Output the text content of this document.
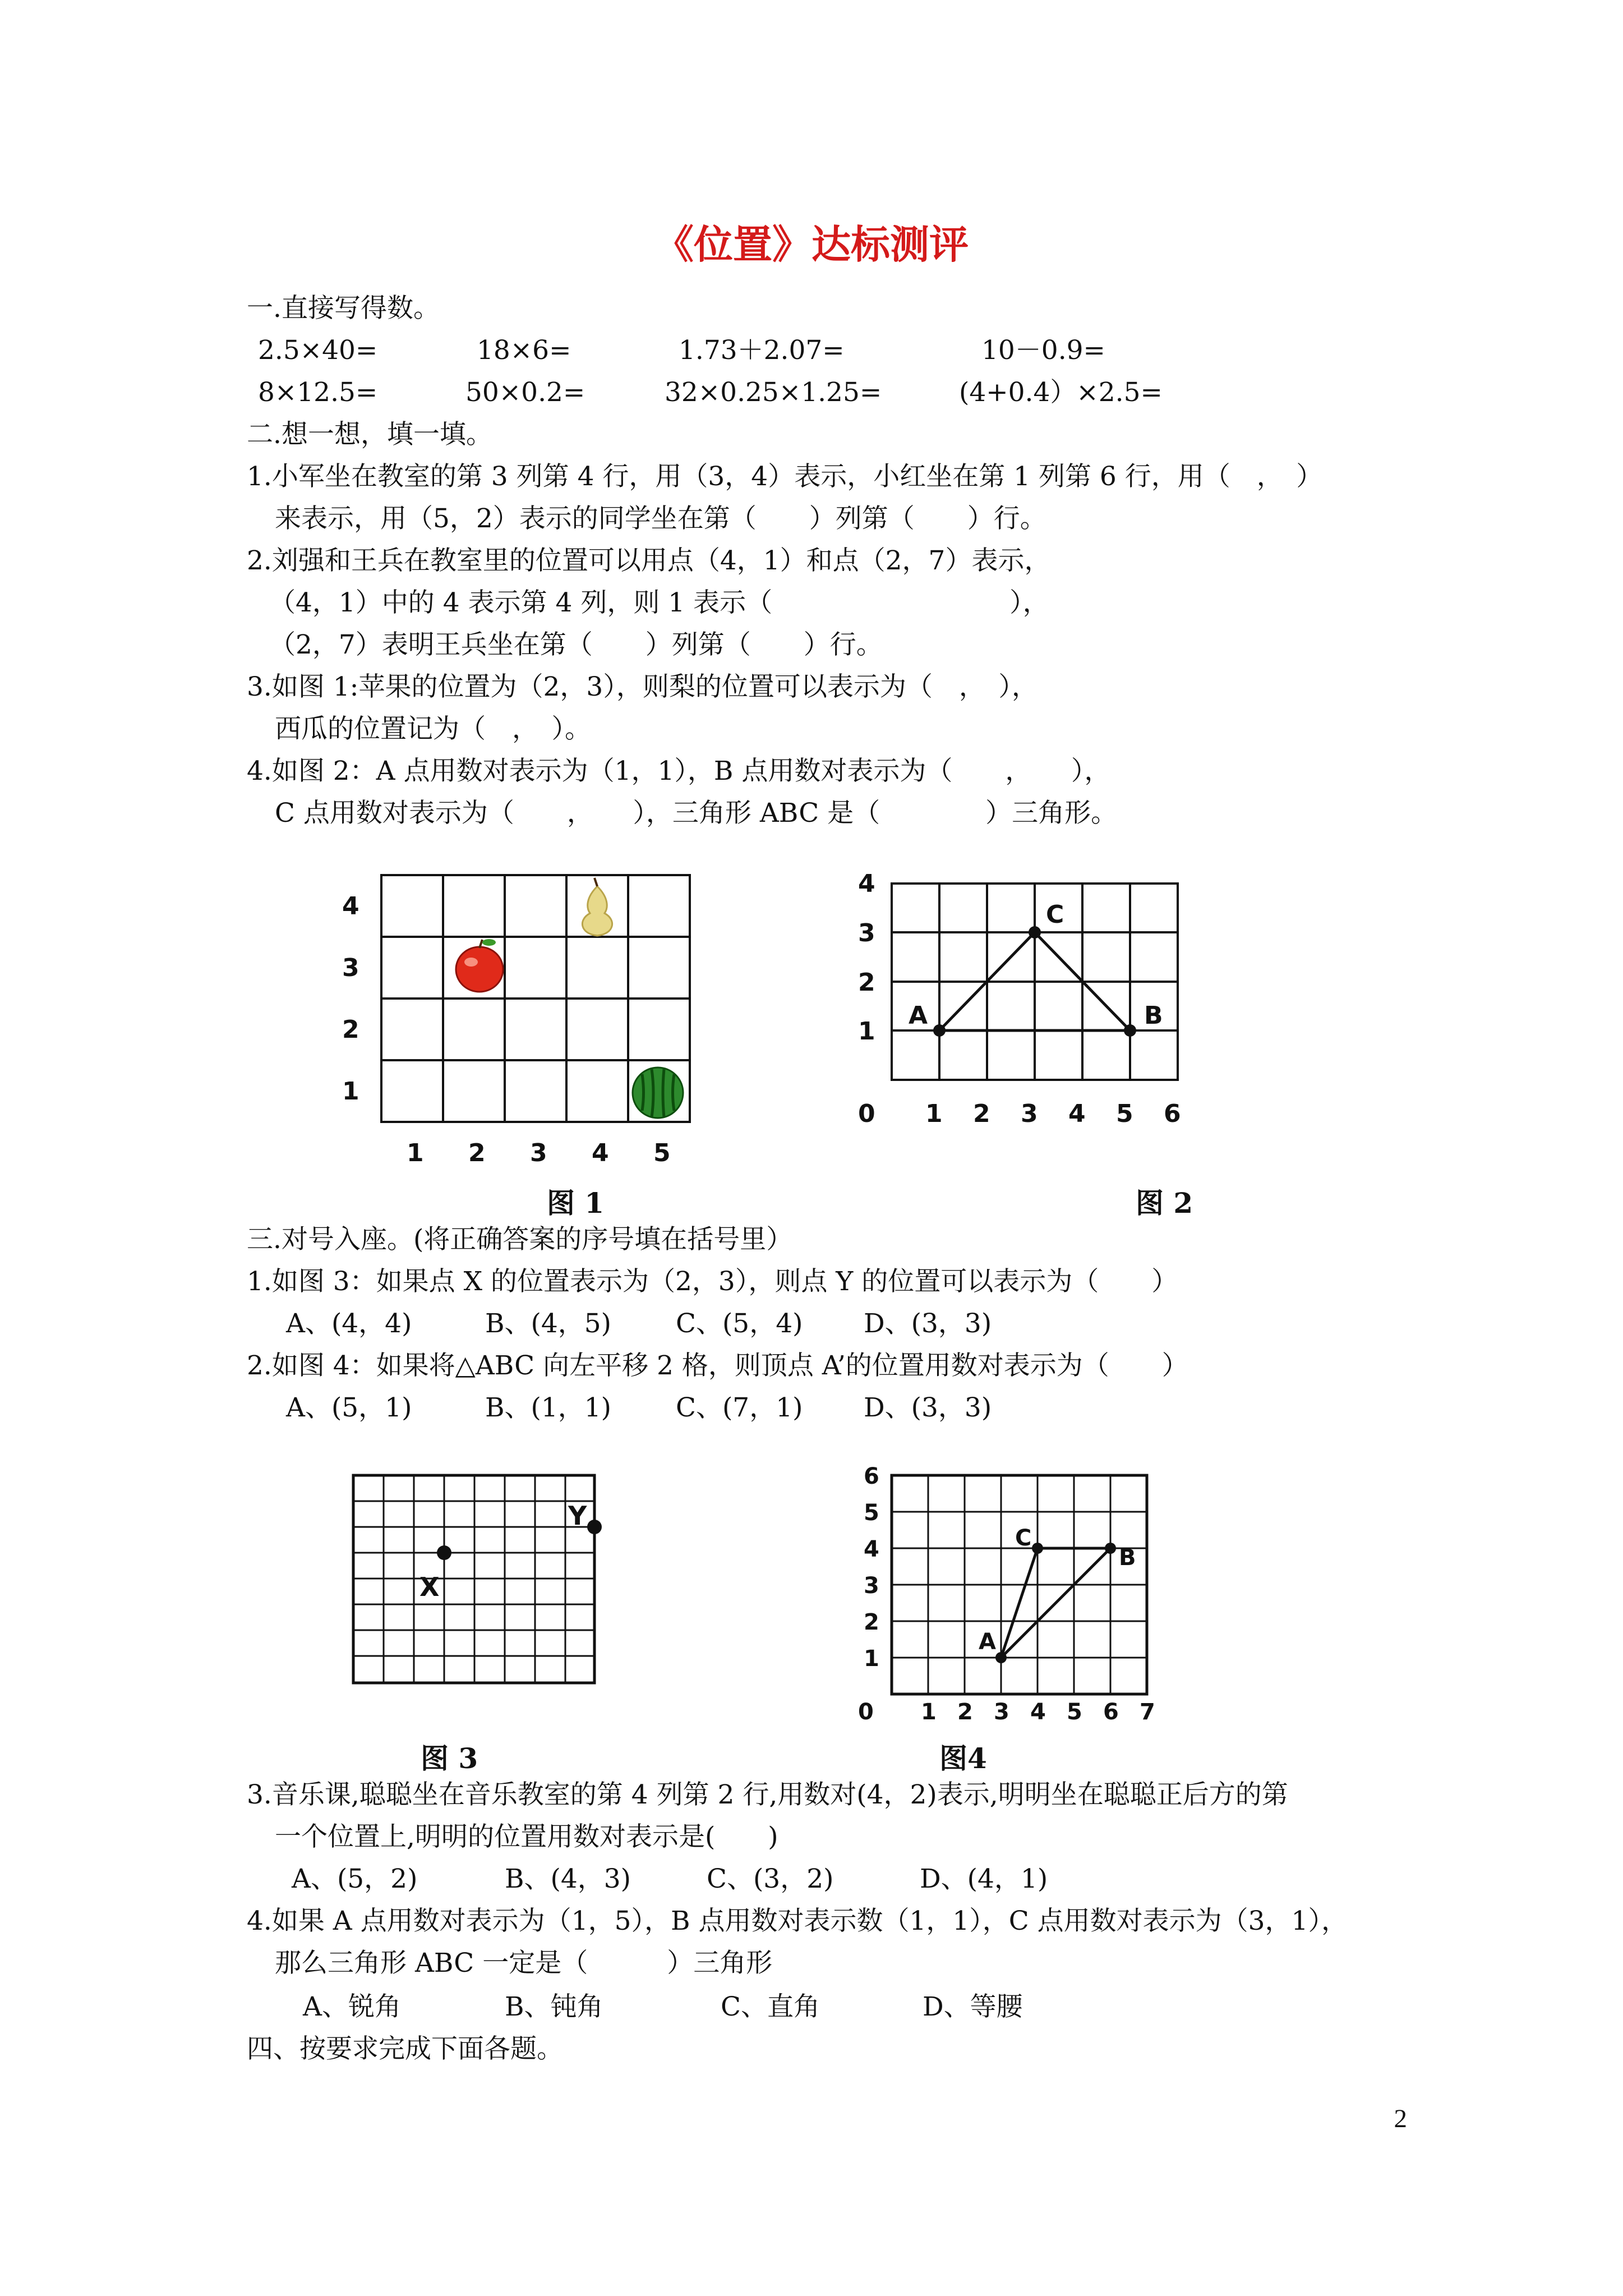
《位置》达标测评
一.直接写得数。
2.5×40=	18×6=	1.73＋2.07=	10－0.9=
8×12.5=	50×0.2=	32×0.25×1.25=	(4+0.4）×2.5=
二.想一想，填一填。
1.小军坐在教室的第 3 列第 4 行，用（3，4）表示，小红坐在第 1 列第 6 行，用（　，　）
来表示，用（5，2）表示的同学坐在第（　　）列第（　　）行。
2.刘强和王兵在教室里的位置可以用点（4，1）和点（2，7）表示，
（4，1）中的 4 表示第 4 列，则 1 表示（　　　　　　　　　），
（2，7）表明王兵坐在第（　　）列第（　　）行。
3.如图 1:苹果的位置为（2，3），则梨的位置可以表示为（　，　），
西瓜的位置记为（　，　）。
4.如图 2：A 点用数对表示为（1，1），B 点用数对表示为（　　，　　），
C 点用数对表示为（　　，　　），三角形 ABC 是（　　　　）三角形。
1 2 3 4 5
1
2
3
4
0 1 2 3 4 5 6
1
2
3
4
A	B
C
图 1	图 2
三.对号入座。(将正确答案的序号填在括号里）
1.如图 3：如果点 X 的位置表示为（2，3），则点 Y 的位置可以表示为（　　）
A、(4，4)	B、(4，5) C、(5，4) D、(3，3)
2.如图 4：如果将△ABC 向左平移 2 格，则顶点 A’的位置用数对表示为（　　）
A、(5，1)	B、(1，1) C、(7，1) D、(3，3)
X
Y
0 1 2 3 4 5 6 7
1
2
3
4
5
6
A
B
C
图 3	图4
3.音乐课,聪聪坐在音乐教室的第 4 列第 2 行,用数对(4，2)表示,明明坐在聪聪正后方的第
一个位置上,明明的位置用数对表示是(　　)
A、(5，2)	B、(4，3)	C、(3，2)	D、(4，1)
4.如果 A 点用数对表示为（1，5），B 点用数对表示数（1，1），C 点用数对表示为（3，1），
那么三角形 ABC 一定是（　　　）三角形
A、锐角	B、钝角	C、直角	D、等腰
四、按要求完成下面各题。
2
